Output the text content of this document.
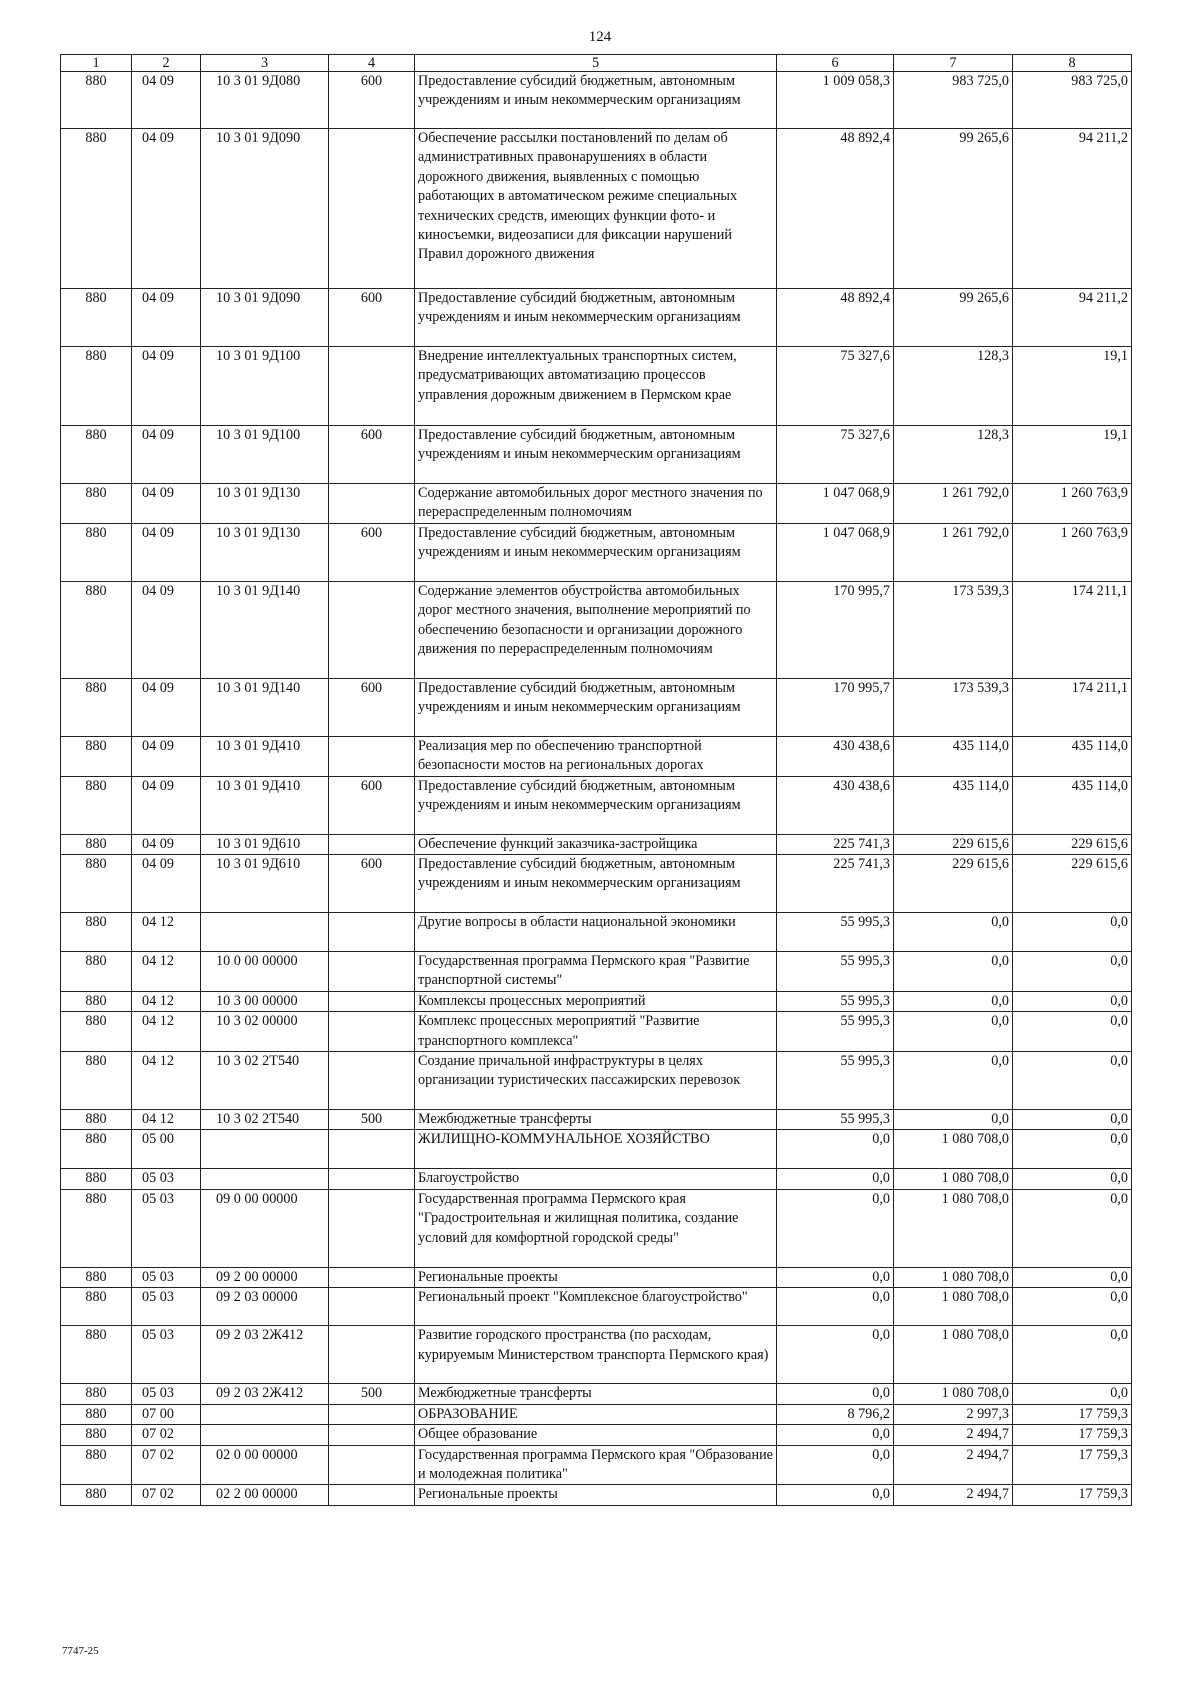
124
1	2	3	4	5	6	7	8
880	04 09	10 3 01 9Д080	600	Предоставление субсидий бюджетным, автономным учреждениям и иным некоммерческим организациям	1 009 058,3	983 725,0	983 725,0
880	04 09	10 3 01 9Д090		Обеспечение рассылки постановлений по делам об административных правонарушениях в области дорожного движения, выявленных с помощью работающих в автоматическом режиме специальных технических средств, имеющих функции фото- и киносъемки, видеозаписи для фиксации нарушений Правил дорожного движения	48 892,4	99 265,6	94 211,2
880	04 09	10 3 01 9Д090	600	Предоставление субсидий бюджетным, автономным учреждениям и иным некоммерческим организациям	48 892,4	99 265,6	94 211,2
880	04 09	10 3 01 9Д100		Внедрение интеллектуальных транспортных систем, предусматривающих автоматизацию процессов управления дорожным движением в Пермском крае	75 327,6	128,3	19,1
880	04 09	10 3 01 9Д100	600	Предоставление субсидий бюджетным, автономным учреждениям и иным некоммерческим организациям	75 327,6	128,3	19,1
880	04 09	10 3 01 9Д130		Содержание автомобильных дорог местного значения по перераспределенным полномочиям	1 047 068,9	1 261 792,0	1 260 763,9
880	04 09	10 3 01 9Д130	600	Предоставление субсидий бюджетным, автономным учреждениям и иным некоммерческим организациям	1 047 068,9	1 261 792,0	1 260 763,9
880	04 09	10 3 01 9Д140		Содержание элементов обустройства автомобильных дорог местного значения, выполнение мероприятий по обеспечению безопасности и организации дорожного движения по перераспределенным полномочиям	170 995,7	173 539,3	174 211,1
880	04 09	10 3 01 9Д140	600	Предоставление субсидий бюджетным, автономным учреждениям и иным некоммерческим организациям	170 995,7	173 539,3	174 211,1
880	04 09	10 3 01 9Д410		Реализация мер по обеспечению транспортной безопасности мостов на региональных дорогах	430 438,6	435 114,0	435 114,0
880	04 09	10 3 01 9Д410	600	Предоставление субсидий бюджетным, автономным учреждениям и иным некоммерческим организациям	430 438,6	435 114,0	435 114,0
880	04 09	10 3 01 9Д610		Обеспечение функций заказчика-застройщика	225 741,3	229 615,6	229 615,6
880	04 09	10 3 01 9Д610	600	Предоставление субсидий бюджетным, автономным учреждениям и иным некоммерческим организациям	225 741,3	229 615,6	229 615,6
880	04 12			Другие вопросы в области национальной экономики	55 995,3	0,0	0,0
880	04 12	10 0 00 00000		Государственная программа Пермского края "Развитие транспортной системы"	55 995,3	0,0	0,0
880	04 12	10 3 00 00000		Комплексы процессных мероприятий	55 995,3	0,0	0,0
880	04 12	10 3 02 00000		Комплекс процессных мероприятий "Развитие транспортного комплекса"	55 995,3	0,0	0,0
880	04 12	10 3 02 2Т540		Создание причальной инфраструктуры в целях организации туристических пассажирских перевозок	55 995,3	0,0	0,0
880	04 12	10 3 02 2Т540	500	Межбюджетные трансферты	55 995,3	0,0	0,0
880	05 00			ЖИЛИЩНО-КОММУНАЛЬНОЕ ХОЗЯЙСТВО	0,0	1 080 708,0	0,0
880	05 03			Благоустройство	0,0	1 080 708,0	0,0
880	05 03	09 0 00 00000		Государственная программа Пермского края "Градостроительная и жилищная политика, создание условий для комфортной городской среды"	0,0	1 080 708,0	0,0
880	05 03	09 2 00 00000		Региональные проекты	0,0	1 080 708,0	0,0
880	05 03	09 2 03 00000		Региональный проект "Комплексное благоустройство"	0,0	1 080 708,0	0,0
880	05 03	09 2 03 2Ж412		Развитие городского пространства (по расходам, курируемым Министерством транспорта Пермского края)	0,0	1 080 708,0	0,0
880	05 03	09 2 03 2Ж412	500	Межбюджетные трансферты	0,0	1 080 708,0	0,0
880	07 00			ОБРАЗОВАНИЕ	8 796,2	2 997,3	17 759,3
880	07 02			Общее образование	0,0	2 494,7	17 759,3
880	07 02	02 0 00 00000		Государственная программа Пермского края "Образование и молодежная политика"	0,0	2 494,7	17 759,3
880	07 02	02 2 00 00000		Региональные проекты	0,0	2 494,7	17 759,3
7747-25
